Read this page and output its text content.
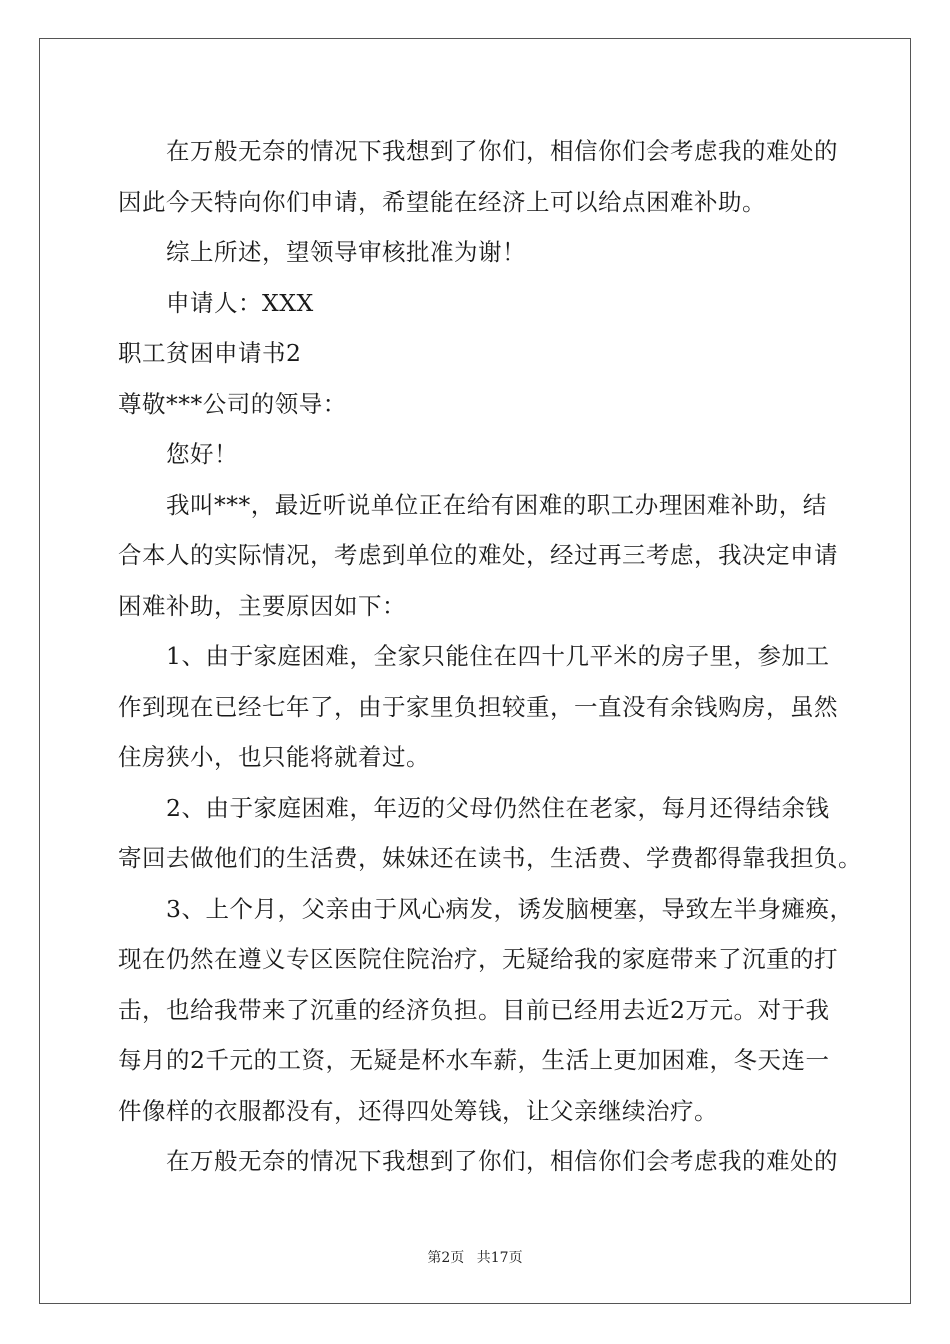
在万般无奈的情况下我想到了你们，相信你们会考虑我的难处的

因此今天特向你们申请，希望能在经济上可以给点困难补助。

综上所述，望领导审核批准为谢！

申请人：XXX

职工贫困申请书2

尊敬***公司的领导：

您好！

我叫***，最近听说单位正在给有困难的职工办理困难补助，结

合本人的实际情况，考虑到单位的难处，经过再三考虑，我决定申请

困难补助，主要原因如下：

1、由于家庭困难，全家只能住在四十几平米的房子里，参加工

作到现在已经七年了，由于家里负担较重，一直没有余钱购房，虽然

住房狭小，也只能将就着过。

2、由于家庭困难，年迈的父母仍然住在老家，每月还得结余钱

寄回去做他们的生活费，妹妹还在读书，生活费、学费都得靠我担负。

3、上个月，父亲由于风心病发，诱发脑梗塞，导致左半身瘫痪，

现在仍然在遵义专区医院住院治疗，无疑给我的家庭带来了沉重的打

击，也给我带来了沉重的经济负担。目前已经用去近2万元。对于我

每月的2千元的工资，无疑是杯水车薪，生活上更加困难，冬天连一

件像样的衣服都没有，还得四处筹钱，让父亲继续治疗。

在万般无奈的情况下我想到了你们，相信你们会考虑我的难处的

第2页 共17页
